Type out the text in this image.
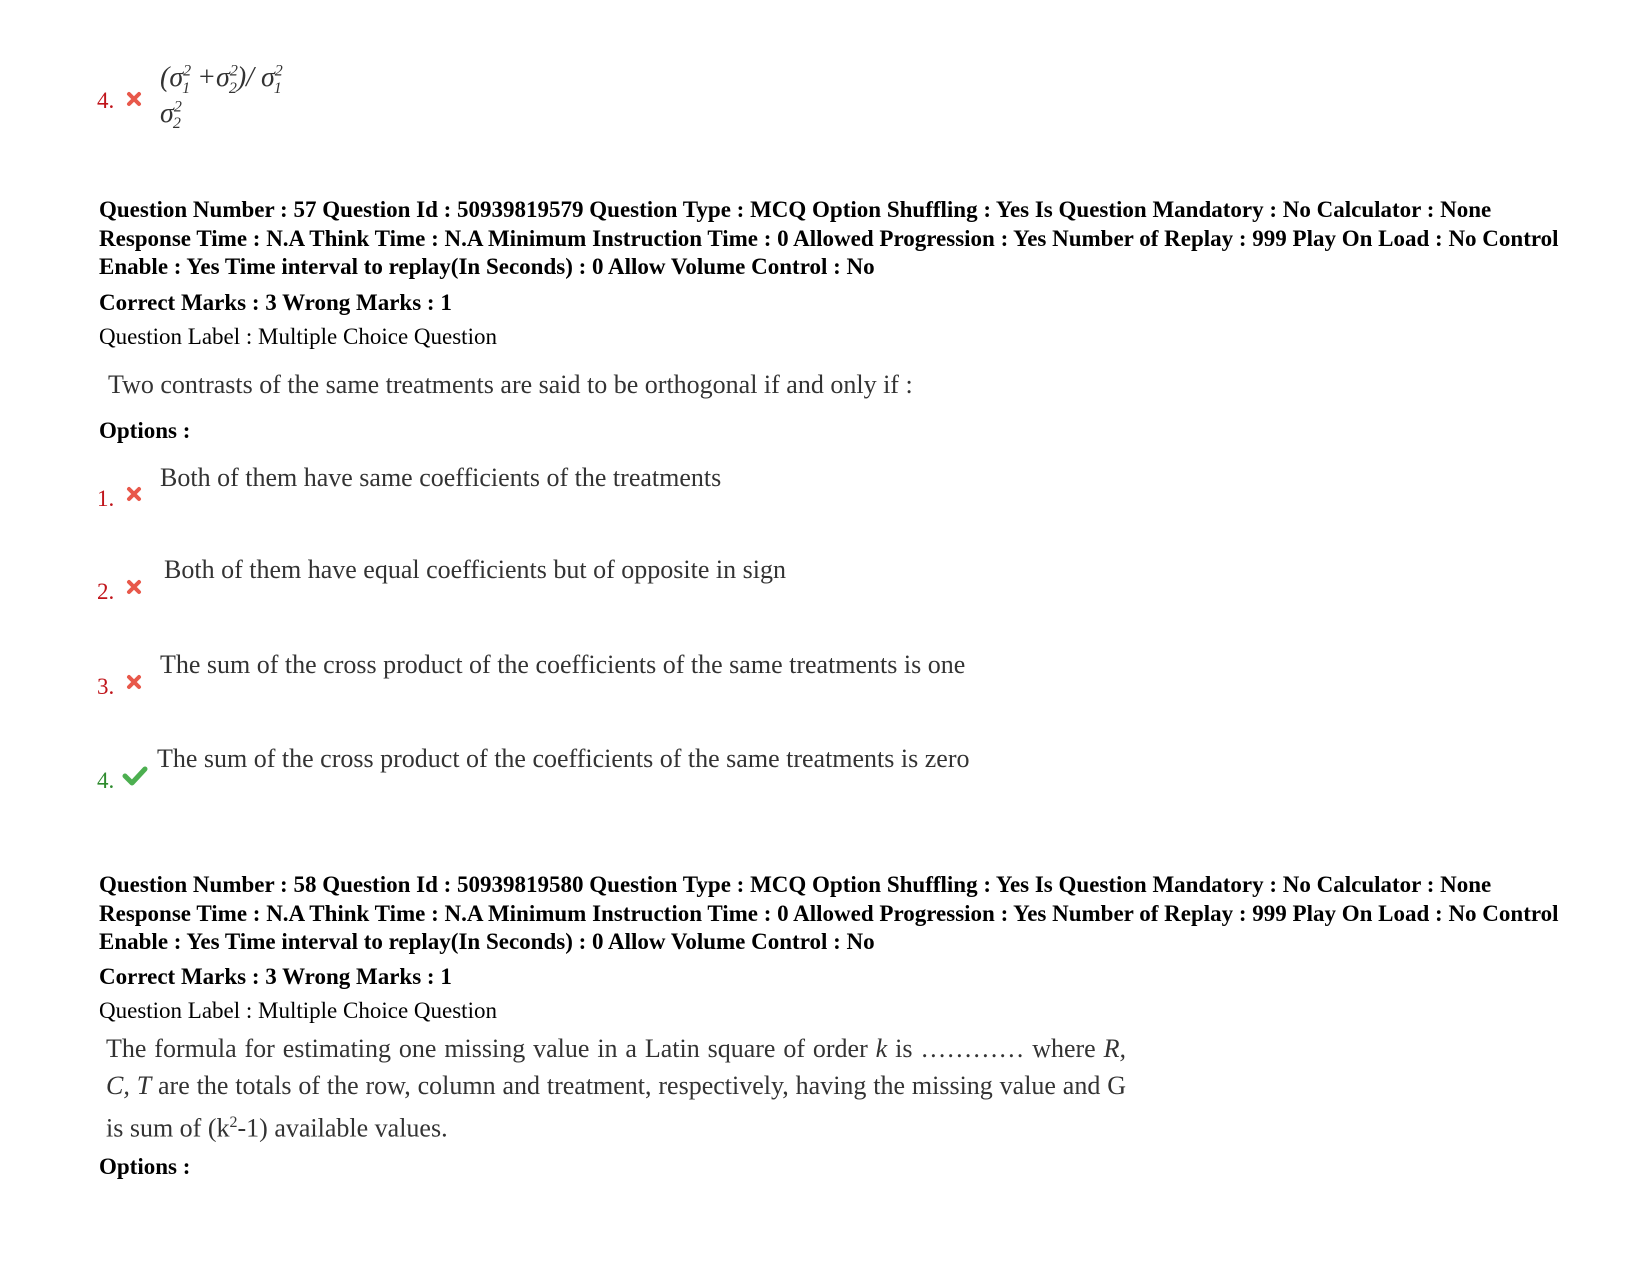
4.
$(\sigma^2_1 +\sigma^2_2)/$ $\sigma^2_1$ $\sigma^2_2$
Question Number : 57 Question Id : 50939819579 Question Type : MCQ Option Shuffling : Yes Is Question Mandatory : No Calculator : None Response Time : N.A Think Time : N.A Minimum Instruction Time : 0 Allowed Progression : Yes Number of Replay : 999 Play On Load : No Control Enable : Yes Time interval to replay(In Seconds) : 0 Allow Volume Control : No
Correct Marks : 3 Wrong Marks : 1
Question Label : Multiple Choice Question
Two contrasts of the same treatments are said to be orthogonal if and only if :
Options :
1.
Both of them have same coefficients of the treatments
2.
Both of them have equal coefficients but of opposite in sign
3.
The sum of the cross product of the coefficients of the same treatments is one
4.
The sum of the cross product of the coefficients of the same treatments is zero
Question Number : 58 Question Id : 50939819580 Question Type : MCQ Option Shuffling : Yes Is Question Mandatory : No Calculator : None Response Time : N.A Think Time : N.A Minimum Instruction Time : 0 Allowed Progression : Yes Number of Replay : 999 Play On Load : No Control Enable : Yes Time interval to replay(In Seconds) : 0 Allow Volume Control : No
Correct Marks : 3 Wrong Marks : 1
Question Label : Multiple Choice Question
The formula for estimating one missing value in a Latin square of order k is ………… where R, C, T are the totals of the row, column and treatment, respectively, having the missing value and G is sum of $(k^2-1)$ available values.
Options :
